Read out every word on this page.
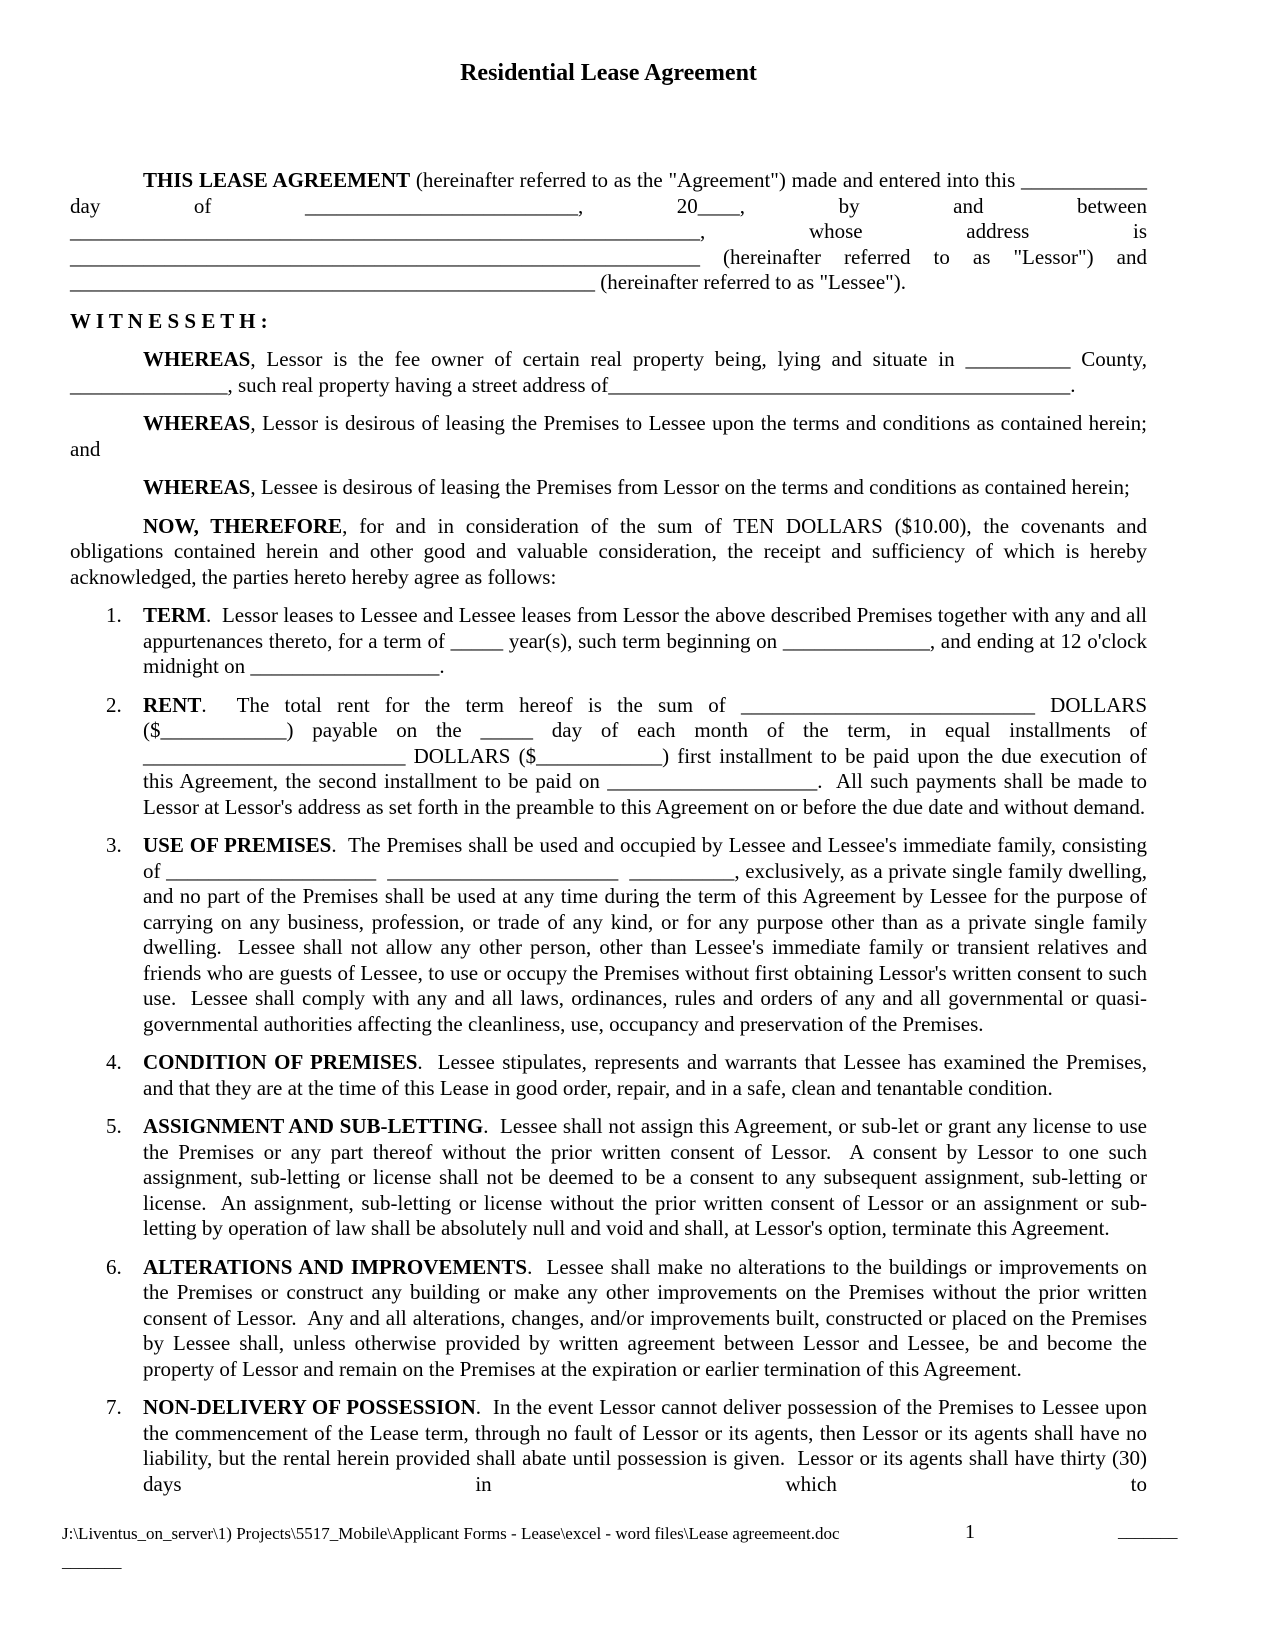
Residential Lease Agreement
THIS LEASE AGREEMENT (hereinafter referred to as the "Agreement") made and entered into this ____________ day of __________________________, 20____, by and between ____________________________________________________________, whose address is ____________________________________________________________ (hereinafter referred to as "Lessor") and __________________________________________________ (hereinafter referred to as "Lessee").
W I T N E S S E T H :
WHEREAS, Lessor is the fee owner of certain real property being, lying and situate in __________ County, _______________, such real property having a street address of____________________________________________.
WHEREAS, Lessor is desirous of leasing the Premises to Lessee upon the terms and conditions as contained herein; and
WHEREAS, Lessee is desirous of leasing the Premises from Lessor on the terms and conditions as contained herein;
NOW, THEREFORE, for and in consideration of the sum of TEN DOLLARS ($10.00), the covenants and obligations contained herein and other good and valuable consideration, the receipt and sufficiency of which is hereby acknowledged, the parties hereto hereby agree as follows:
1. TERM.  Lessor leases to Lessee and Lessee leases from Lessor the above described Premises together with any and all appurtenances thereto, for a term of _____ year(s), such term beginning on ______________, and ending at 12 o'clock midnight on __________________.
2. RENT.  The total rent for the term hereof is the sum of ____________________________ DOLLARS ($____________) payable on the _____ day of each month of the term, in equal installments of _________________________ DOLLARS ($____________) first installment to be paid upon the due execution of this Agreement, the second installment to be paid on ____________________.  All such payments shall be made to Lessor at Lessor's address as set forth in the preamble to this Agreement on or before the due date and without demand.
3. USE OF PREMISES.  The Premises shall be used and occupied by Lessee and Lessee's immediate family, consisting of ____________________  ______________________  __________, exclusively, as a private single family dwelling, and no part of the Premises shall be used at any time during the term of this Agreement by Lessee for the purpose of carrying on any business, profession, or trade of any kind, or for any purpose other than as a private single family dwelling.  Lessee shall not allow any other person, other than Lessee's immediate family or transient relatives and friends who are guests of Lessee, to use or occupy the Premises without first obtaining Lessor's written consent to such use.  Lessee shall comply with any and all laws, ordinances, rules and orders of any and all governmental or quasi-governmental authorities affecting the cleanliness, use, occupancy and preservation of the Premises.
4. CONDITION OF PREMISES.  Lessee stipulates, represents and warrants that Lessee has examined the Premises, and that they are at the time of this Lease in good order, repair, and in a safe, clean and tenantable condition.
5. ASSIGNMENT AND SUB-LETTING.  Lessee shall not assign this Agreement, or sub-let or grant any license to use the Premises or any part thereof without the prior written consent of Lessor.  A consent by Lessor to one such assignment, sub-letting or license shall not be deemed to be a consent to any subsequent assignment, sub-letting or license.  An assignment, sub-letting or license without the prior written consent of Lessor or an assignment or sub-letting by operation of law shall be absolutely null and void and shall, at Lessor's option, terminate this Agreement.
6. ALTERATIONS AND IMPROVEMENTS.  Lessee shall make no alterations to the buildings or improvements on the Premises or construct any building or make any other improvements on the Premises without the prior written consent of Lessor.  Any and all alterations, changes, and/or improvements built, constructed or placed on the Premises by Lessee shall, unless otherwise provided by written agreement between Lessor and Lessee, be and become the property of Lessor and remain on the Premises at the expiration or earlier termination of this Agreement.
7. NON-DELIVERY OF POSSESSION.  In the event Lessor cannot deliver possession of the Premises to Lessee upon the commencement of the Lease term, through no fault of Lessor or its agents, then Lessor or its agents shall have no liability, but the rental herein provided shall abate until possession is given.  Lessor or its agents shall have thirty (30) days in which to
J:\Liventus_on_server\1) Projects\5517_Mobile\Applicant Forms - Lease\excel - word files\Lease agreemeent.doc	1	_______
_______
